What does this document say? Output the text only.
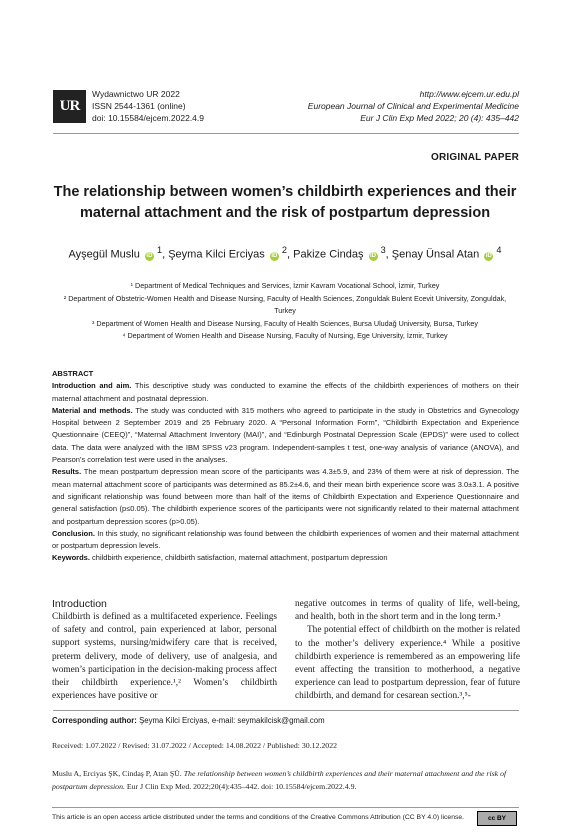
UR
Wydawnictwo UR 2022
ISSN 2544-1361 (online)
doi: 10.15584/ejcem.2022.4.9
http://www.ejcem.ur.edu.pl
European Journal of Clinical and Experimental Medicine
Eur J Clin Exp Med 2022; 20 (4): 435–442
ORIGINAL PAPER
The relationship between women’s childbirth experiences and their maternal attachment and the risk of postpartum depression
Ayşegül Muslu iD $^1$, Şeyma Kilci Erciyas iD $^2$, Pakize Cindaş iD $^3$, Şenay Ünsal Atan iD $^4$
¹ Department of Medical Techniques and Services, İzmir Kavram Vocational School, İzmir, Turkey
² Department of Obstetric-Women Health and Disease Nursing, Faculty of Health Sciences, Zonguldak Bulent Ecevit University, Zonguldak, Turkey
³ Department of Women Health and Disease Nursing, Faculty of Health Sciences, Bursa Uludağ University, Bursa, Turkey
⁴ Department of Women Health and Disease Nursing, Faculty of Nursing, Ege University, İzmir, Turkey

ABSTRACT

Introduction and aim. This descriptive study was conducted to examine the effects of the childbirth experiences of mothers on their maternal attachment and postnatal depression.

Material and methods. The study was conducted with 315 mothers who agreed to participate in the study in Obstetrics and Gynecology Hospital between 2 September 2019 and 25 February 2020. A “Personal Information Form”, “Childbirth Expectation and Experience Questionnaire (CEEQ)”, “Maternal Attachment Inventory (MAI)”, and “Edinburgh Postnatal Depression Scale (EPDS)” were used to collect data. The data were analyzed with the IBM SPSS v23 program. Independent-samples t test, one-way analysis of variance (ANOVA), and Pearson’s correlation test were used in the analyses.

Results. The mean postpartum depression mean score of the participants was 4.3±5.9, and 23% of them were at risk of depression. The mean maternal attachment score of participants was determined as 85.2±4.6, and their mean birth experience score was 3.0±3.1. A positive and significant relationship was found between more than half of the items of Childbirth Expectation and Experience Questionnaire and general satisfaction (p≤0.05). The childbirth experience scores of the participants were not significantly related to their maternal attachment and postpartum depression scores (p>0.05).

Conclusion. In this study, no significant relationship was found between the childbirth experiences of women and their maternal attachment or postpartum depression levels.

Keywords. childbirth experience, childbirth satisfaction, maternal attachment, postpartum depression

Introduction

Childbirth is defined as a multifaceted experience. Feelings of safety and control, pain experienced at labor, personal support systems, nursing/midwifery care that is received, preterm delivery, mode of delivery, use of analgesia, and women’s participation in the decision-making process affect their childbirth experience.¹,² Women’s childbirth experiences have positive or

negative outcomes in terms of quality of life, well-being, and health, both in the short term and in the long term.³

The potential effect of childbirth on the mother is related to the mother’s delivery experience.⁴ While a positive childbirth experience is remembered as an empowering life event affecting the transition to motherhood, a negative experience can lead to postpartum depression, fear of future childbirth, and demand for cesarean section.³,⁵-

Corresponding author: Şeyma Kilci Erciyas, e-mail: seymakilcisk@gmail.com
Received: 1.07.2022 / Revised: 31.07.2022 / Accepted: 14.08.2022 / Published: 30.12.2022
Muslu A, Erciyas ŞK, Cindaş P, Atan ŞÜ. The relationship between women’s childbirth experiences and their maternal attachment and the risk of postpartum depression. Eur J Clin Exp Med. 2022;20(4):435–442. doi: 10.15584/ejcem.2022.4.9.
This article is an open access article distributed under the terms and conditions of the Creative Commons Attribution (CC BY 4.0) license.	cc BY
